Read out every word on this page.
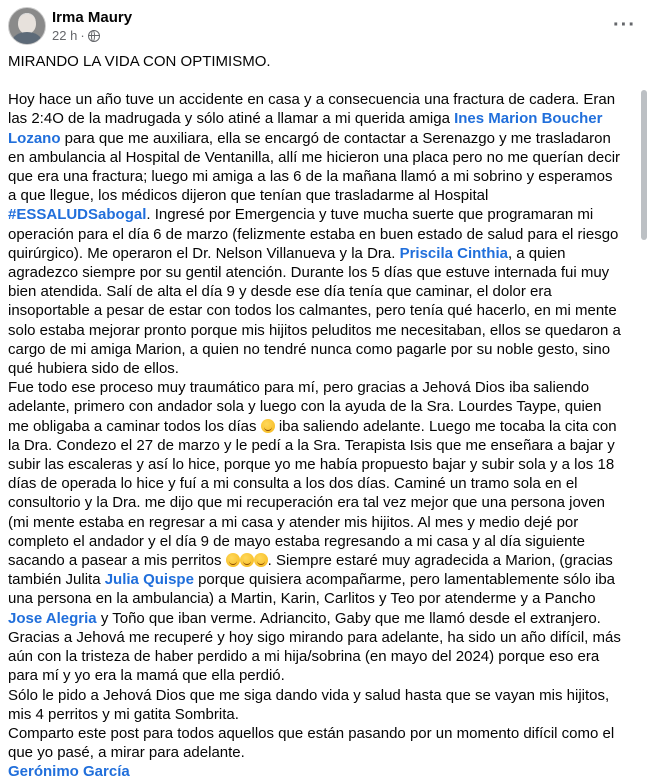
Irma Maury
22 h ·	···

MIRANDO LA VIDA CON OPTIMISMO.

Hoy hace un año tuve un accidente en casa y a consecuencia una fractura de cadera. Eran las 2:4O de la madrugada y sólo atiné a llamar a mi querida amiga Ines Marion Boucher Lozano para que me auxiliara, ella se encargó de contactar a Serenazgo y me trasladaron en ambulancia al Hospital de Ventanilla, allí me hicieron una placa pero no me querían decir que era una fractura; luego mi amiga a las 6 de la mañana llamó a mi sobrino y esperamos a que llegue, los médicos dijeron que tenían que trasladarme al Hospital #ESSALUDSabogal. Ingresé por Emergencia y tuve mucha suerte que programaran mi operación para el día 6 de marzo (felizmente estaba en buen estado de salud para el riesgo quirúrgico). Me operaron el Dr. Nelson Villanueva y la Dra. Priscila Cinthia, a quien agradezco siempre por su gentil atención. Durante los 5 días que estuve internada fui muy bien atendida. Salí de alta el día 9 y desde ese día tenía que caminar, el dolor era insoportable a pesar de estar con todos los calmantes, pero tenía qué hacerlo, en mi mente solo estaba mejorar pronto porque mis hijitos peluditos me necesitaban, ellos se quedaron a cargo de mi amiga Marion, a quien no tendré nunca como pagarle por su noble gesto, sino qué hubiera sido de ellos.

Fue todo ese proceso muy traumático para mí, pero gracias a Jehová Dios iba saliendo adelante, primero con andador sola y luego con la ayuda de la Sra. Lourdes Taype, quien me obligaba a caminar todos los días  iba saliendo adelante. Luego me tocaba la cita con la Dra. Condezo el 27 de marzo y le pedí a la Sra. Terapista Isis que me enseñara a bajar y subir las escaleras y así lo hice, porque yo me había propuesto bajar y subir sola y a los 18 días de operada lo hice y fuí a mi consulta a los dos días. Caminé un tramo sola en el consultorio y la Dra. me dijo que mi recuperación era tal vez mejor que una persona joven (mi mente estaba en regresar a mi casa y atender mis hijitos. Al mes y medio dejé por completo el andador y el día 9 de mayo estaba regresando a mi casa y al día siguiente sacando a pasear a mis perritos	. Siempre estaré muy agradecida a Marion, (gracias también Julita Julia Quispe porque quisiera acompañarme, pero lamentablemente sólo iba una persona en la ambulancia) a Martin, Karin, Carlitos y Teo por atenderme y a Pancho Jose Alegria y Toño que iban verme. Adriancito, Gaby que me llamó desde el extranjero.

Gracias a Jehová me recuperé y hoy sigo mirando para adelante, ha sido un año difícil, más aún con la tristeza de haber perdido a mi hija/sobrina (en mayo del 2024) porque eso era para mí y yo era la mamá que ella perdió.

Sólo le pido a Jehová Dios que me siga dando vida y salud hasta que se vayan mis hijitos, mis 4 perritos y mi gatita Sombrita.

Comparto este post para todos aquellos que están pasando por un momento difícil como el que yo pasé, a mirar para adelante.

Gerónimo García
